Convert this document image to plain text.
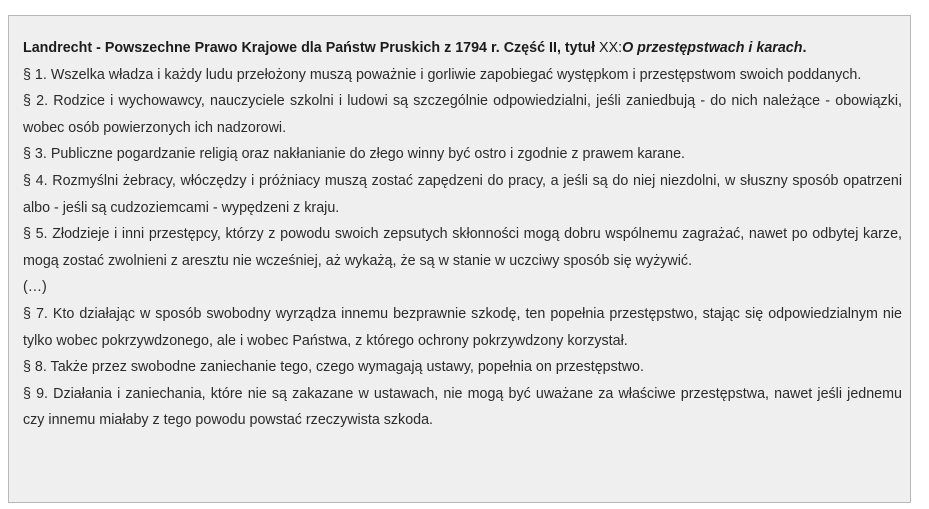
Landrecht - Powszechne Prawo Krajowe dla Państw Pruskich z 1794 r. Część II, tytuł XX:O przestępstwach i karach.

§ 1. Wszelka władza i każdy ludu przełożony muszą poważnie i gorliwie zapobiegać występkom i przestępstwom swoich poddanych.

§ 2. Rodzice i wychowawcy, nauczyciele szkolni i ludowi są szczególnie odpowiedzialni, jeśli zaniedbują - do nich należące - obowiązki, wobec osób powierzonych ich nadzorowi.

§ 3. Publiczne pogardzanie religią oraz nakłanianie do złego winny być ostro i zgodnie z prawem karane.

§ 4. Rozmyślni żebracy, włóczędzy i próżniacy muszą zostać zapędzeni do pracy, a jeśli są do niej niezdolni, w słuszny sposób opatrzeni albo - jeśli są cudzoziemcami - wypędzeni z kraju.

§ 5. Złodzieje i inni przestępcy, którzy z powodu swoich zepsutych skłonności mogą dobru wspólnemu zagrażać, nawet po odbytej karze, mogą zostać zwolnieni z aresztu nie wcześniej, aż wykażą, że są w stanie w uczciwy sposób się wyżywić.

(…)

§ 7. Kto działając w sposób swobodny wyrządza innemu bezprawnie szkodę, ten popełnia przestępstwo, stając się odpowiedzialnym nie tylko wobec pokrzywdzonego, ale i wobec Państwa, z którego ochrony pokrzywdzony korzystał.

§ 8. Także przez swobodne zaniechanie tego, czego wymagają ustawy, popełnia on przestępstwo.

§ 9. Działania i zaniechania, które nie są zakazane w ustawach, nie mogą być uważane za właściwe przestępstwa, nawet jeśli jednemu czy innemu miałaby z tego powodu powstać rzeczywista szkoda.
